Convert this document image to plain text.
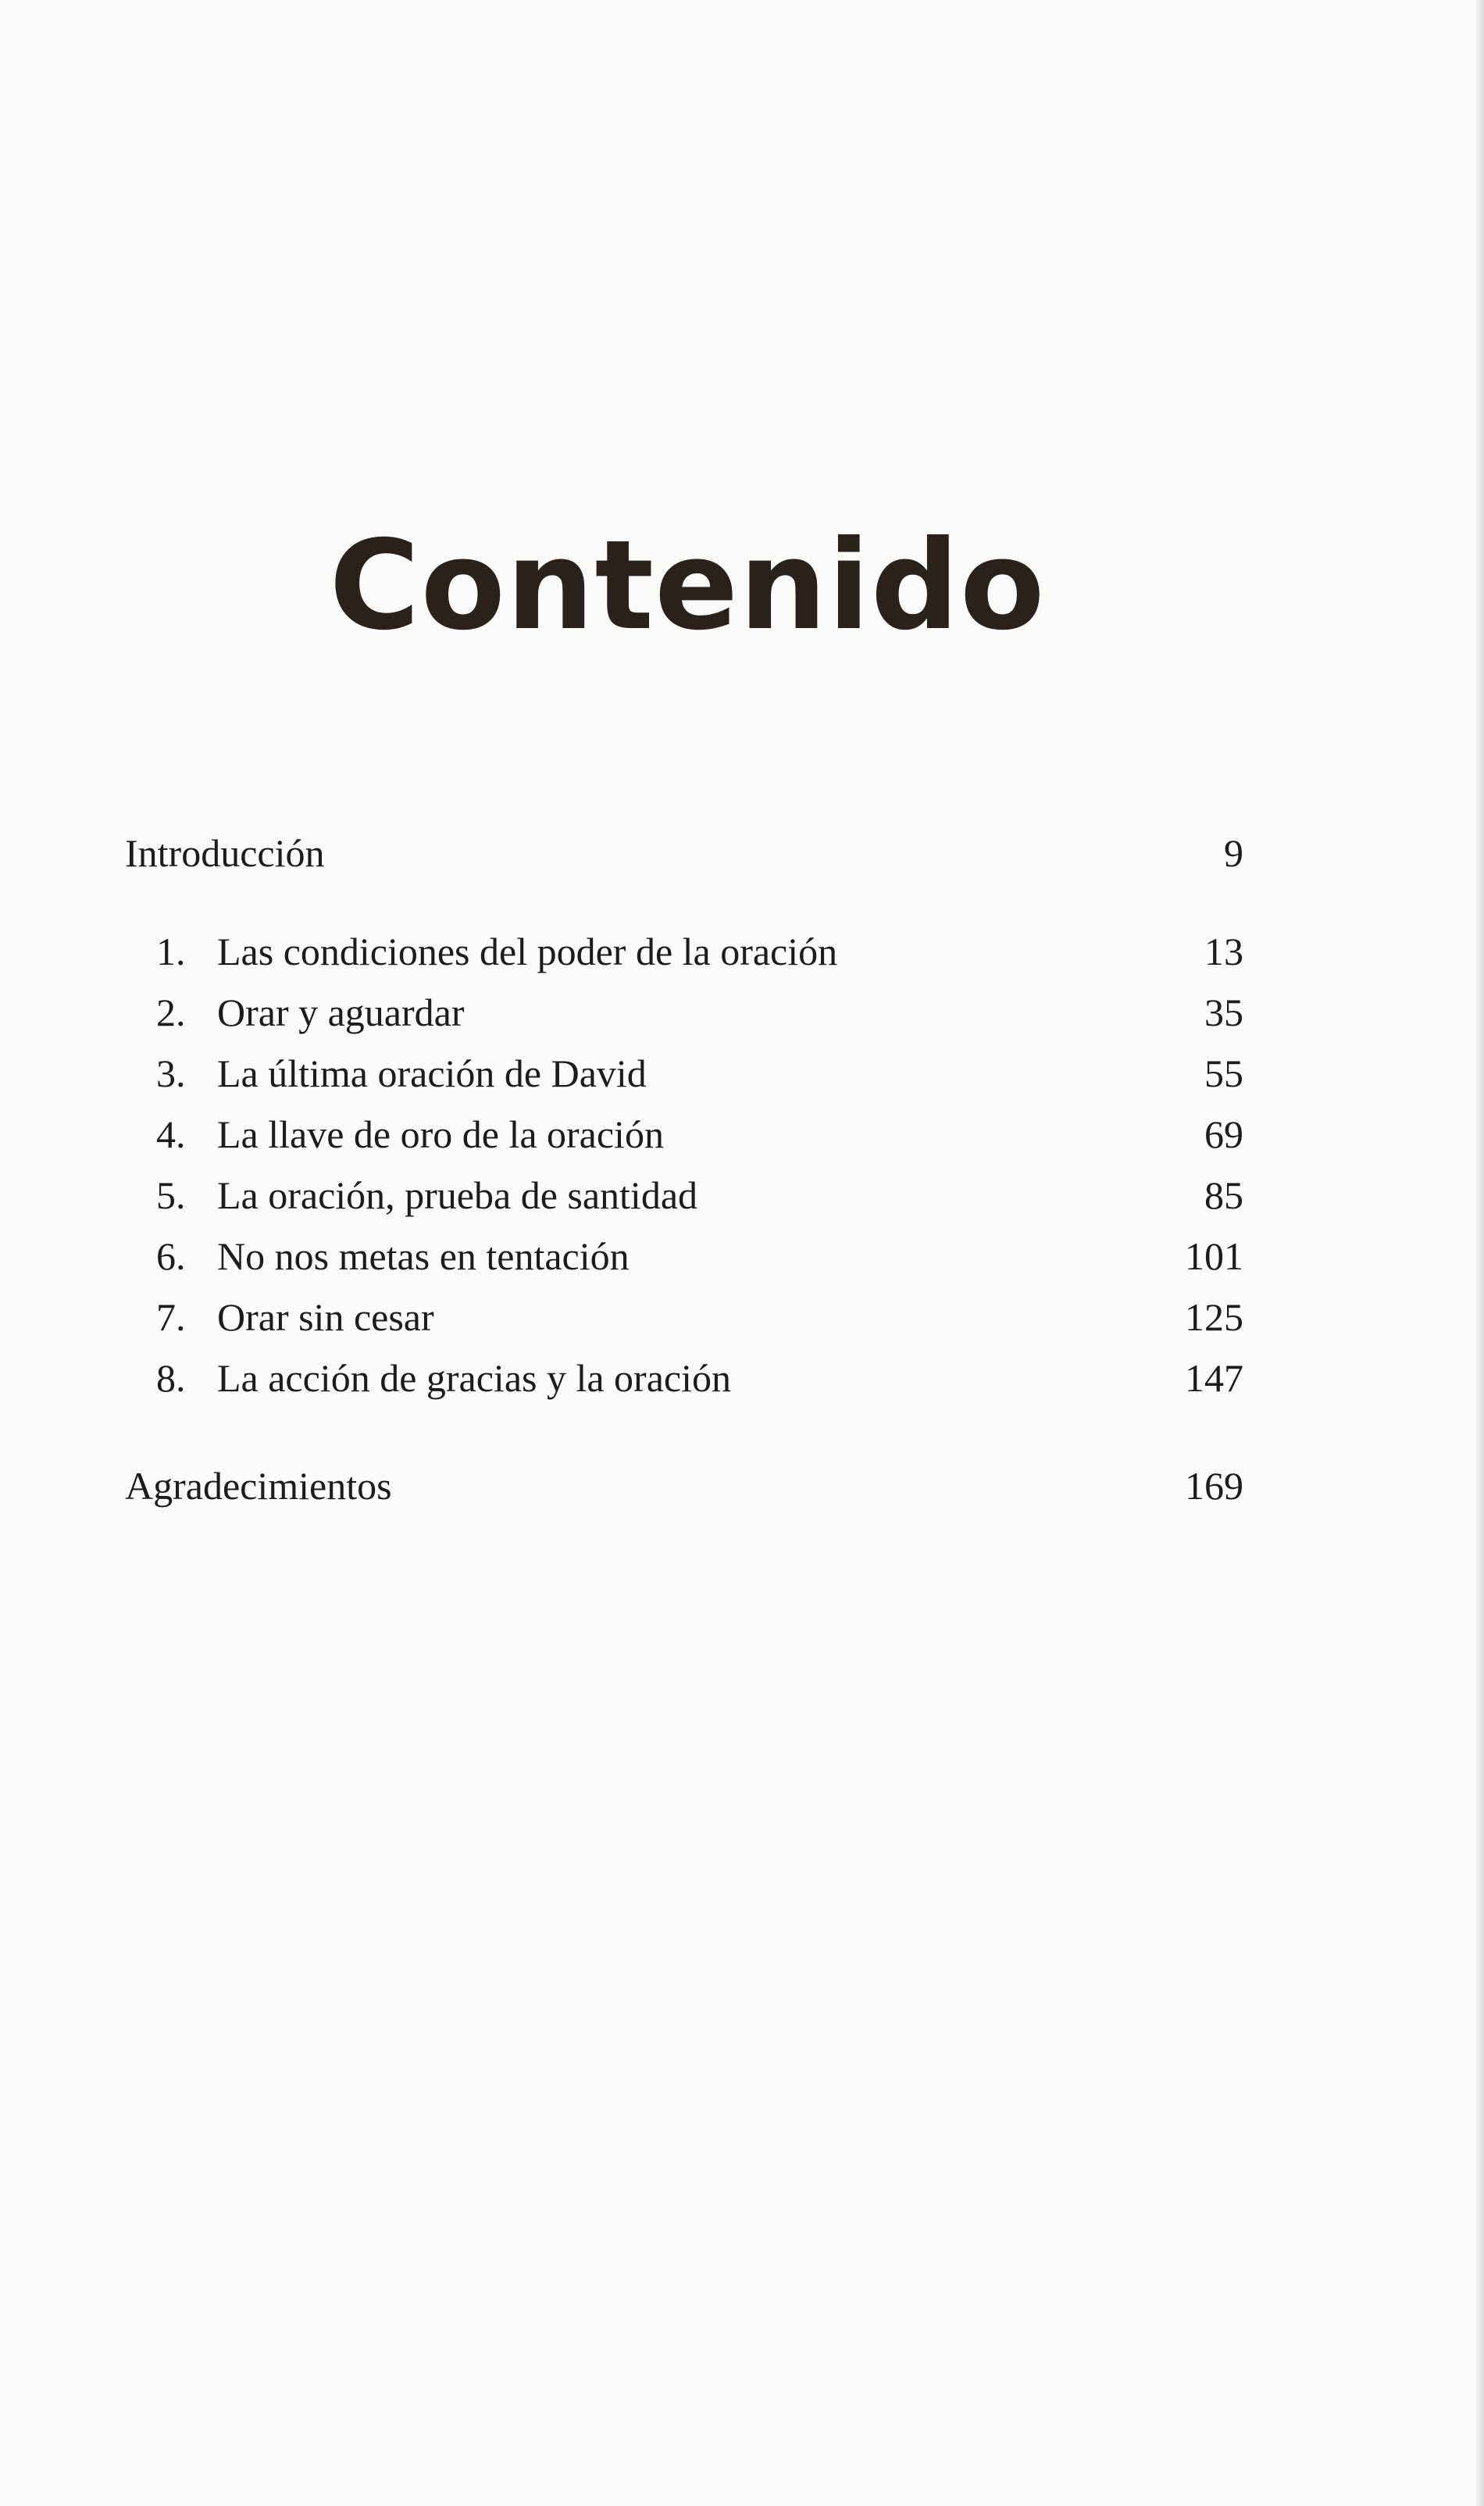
Contenido
Introducción	9
1. Las condiciones del poder de la oración	13
2. Orar y aguardar	35
3. La última oración de David	55
4. La llave de oro de la oración	69
5. La oración, prueba de santidad	85
6. No nos metas en tentación	101
7. Orar sin cesar	125
8. La acción de gracias y la oración	147
Agradecimientos	169
